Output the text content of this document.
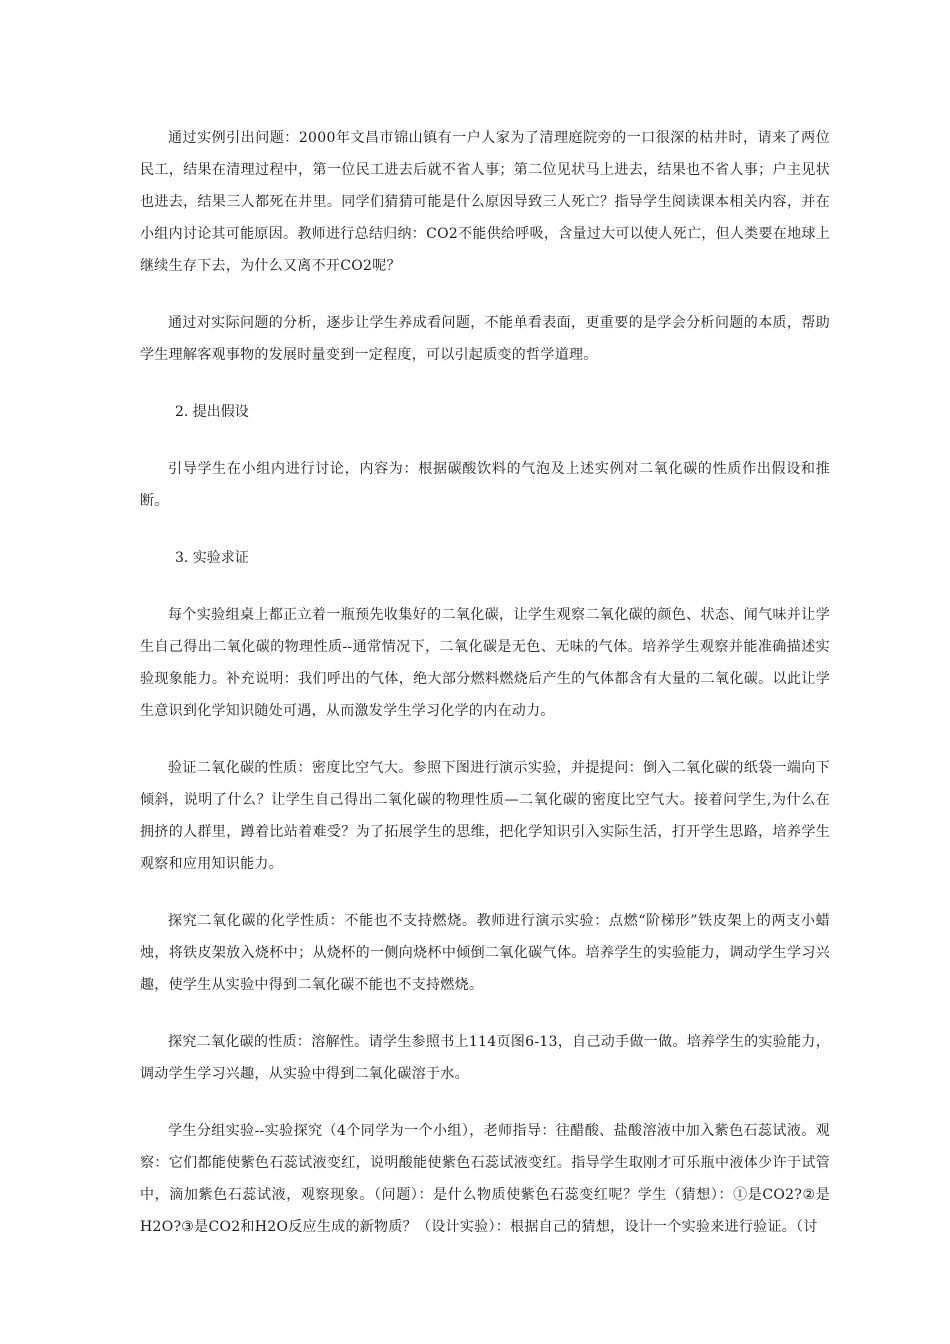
通过实例引出问题：2000年文昌市锦山镇有一户人家为了清理庭院旁的一口很深的枯井时，请来了两位民工，结果在清理过程中，第一位民工进去后就不省人事；第二位见状马上进去，结果也不省人事；户主见状也进去，结果三人都死在井里。同学们猜猜可能是什么原因导致三人死亡？指导学生阅读课本相关内容，并在小组内讨论其可能原因。教师进行总结归纳：CO2不能供给呼吸，含量过大可以使人死亡，但人类要在地球上继续生存下去，为什么又离不开CO2呢？

通过对实际问题的分析，逐步让学生养成看问题，不能单看表面，更重要的是学会分析问题的本质，帮助学生理解客观事物的发展时量变到一定程度，可以引起质变的哲学道理。

2. 提出假设

引导学生在小组内进行讨论，内容为：根据碳酸饮料的气泡及上述实例对二氧化碳的性质作出假设和推断。

3. 实验求证

每个实验组桌上都正立着一瓶预先收集好的二氧化碳，让学生观察二氧化碳的颜色、状态、闻气味并让学生自己得出二氧化碳的物理性质--通常情况下，二氧化碳是无色、无味的气体。培养学生观察并能准确描述实验现象能力。补充说明：我们呼出的气体，绝大部分燃料燃烧后产生的气体都含有大量的二氧化碳。以此让学生意识到化学知识随处可遇，从而激发学生学习化学的内在动力。

验证二氧化碳的性质：密度比空气大。参照下图进行演示实验，并提提问：倒入二氧化碳的纸袋一端向下倾斜，说明了什么？让学生自己得出二氧化碳的物理性质—二氧化碳的密度比空气大。接着问学生,为什么在拥挤的人群里，蹲着比站着难受？为了拓展学生的思维，把化学知识引入实际生活，打开学生思路，培养学生观察和应用知识能力。

探究二氧化碳的化学性质：不能也不支持燃烧。教师进行演示实验：点燃“阶梯形”铁皮架上的两支小蜡烛，将铁皮架放入烧杯中；从烧杯的一侧向烧杯中倾倒二氧化碳气体。培养学生的实验能力，调动学生学习兴趣，使学生从实验中得到二氧化碳不能也不支持燃烧。

探究二氧化碳的性质：溶解性。请学生参照书上114页图6-13，自己动手做一做。培养学生的实验能力，调动学生学习兴趣，从实验中得到二氧化碳溶于水。

学生分组实验--实验探究（4个同学为一个小组），老师指导：往醋酸、盐酸溶液中加入紫色石蕊试液。观察：它们都能使紫色石蕊试液变红，说明酸能使紫色石蕊试液变红。指导学生取刚才可乐瓶中液体少许于试管中，滴加紫色石蕊试液，观察现象。（问题）：是什么物质使紫色石蕊变红呢？学生（猜想）：①是CO2?②是H2O?③是CO2和H2O反应生成的新物质？（设计实验）：根据自己的猜想，设计一个实验来进行验证。（讨
